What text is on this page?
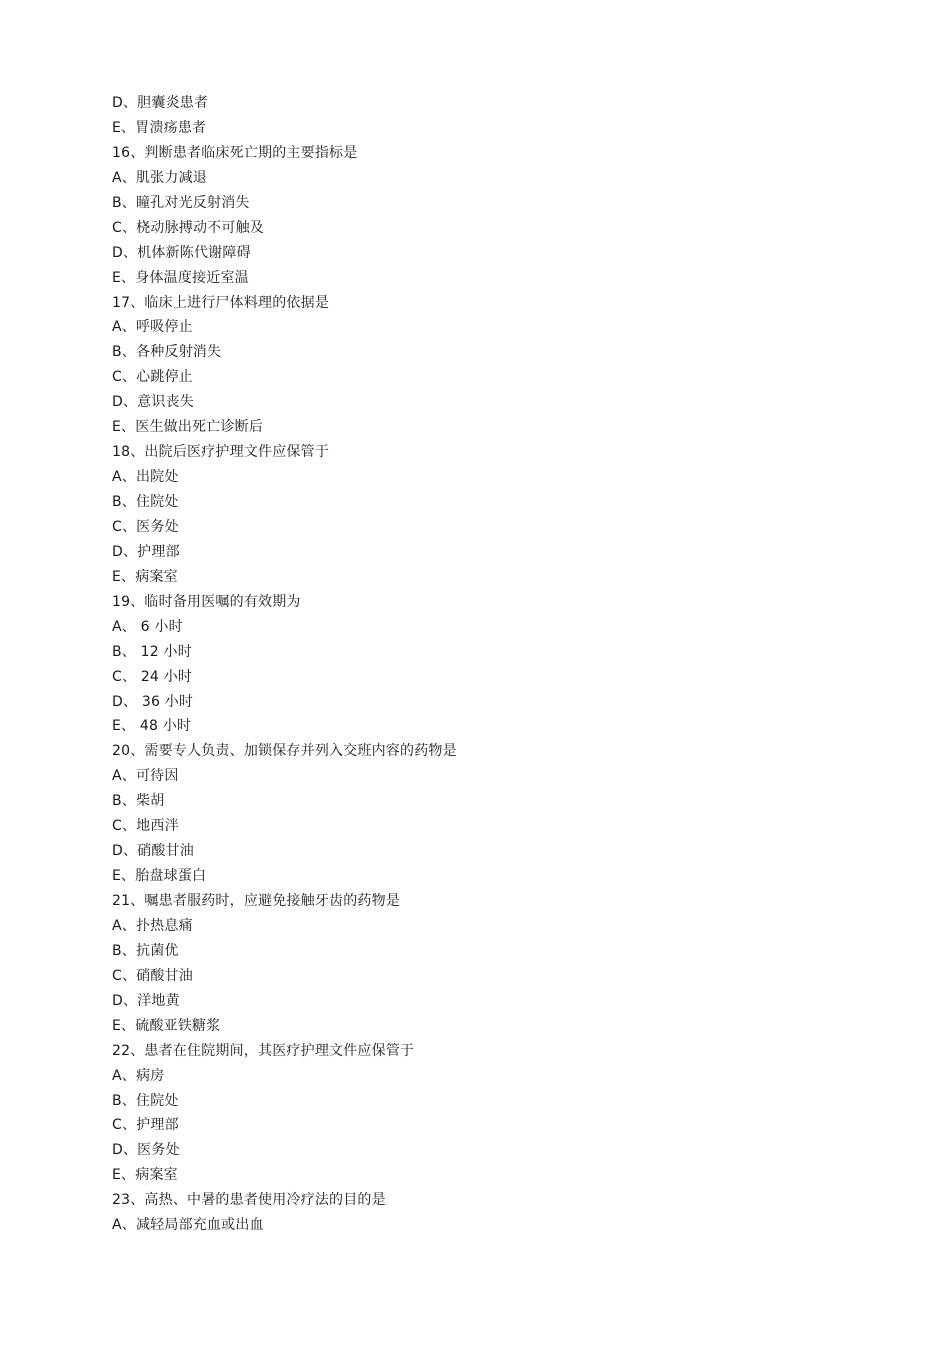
D、胆囊炎患者
E、胃溃疡患者
16、判断患者临床死亡期的主要指标是
A、肌张力减退
B、瞳孔对光反射消失
C、桡动脉搏动不可触及
D、机体新陈代谢障碍
E、身体温度接近室温
17、临床上进行尸体料理的依据是
A、呼吸停止
B、各种反射消失
C、心跳停止
D、意识丧失
E、医生做出死亡诊断后
18、出院后医疗护理文件应保管于
A、出院处
B、住院处
C、医务处
D、护理部
E、病案室
19、临时备用医嘱的有效期为
A、 6 小时
B、 12 小时
C、 24 小时
D、 36 小时
E、 48 小时
20、需要专人负责、加锁保存并列入交班内容的药物是
A、可待因
B、柴胡
C、地西泮
D、硝酸甘油
E、胎盘球蛋白
21、嘱患者服药时，应避免接触牙齿的药物是
A、扑热息痛
B、抗菌优
C、硝酸甘油
D、洋地黄
E、硫酸亚铁糖浆
22、患者在住院期间，其医疗护理文件应保管于
A、病房
B、住院处
C、护理部
D、医务处
E、病案室
23、高热、中暑的患者使用冷疗法的目的是
A、减轻局部充血或出血
